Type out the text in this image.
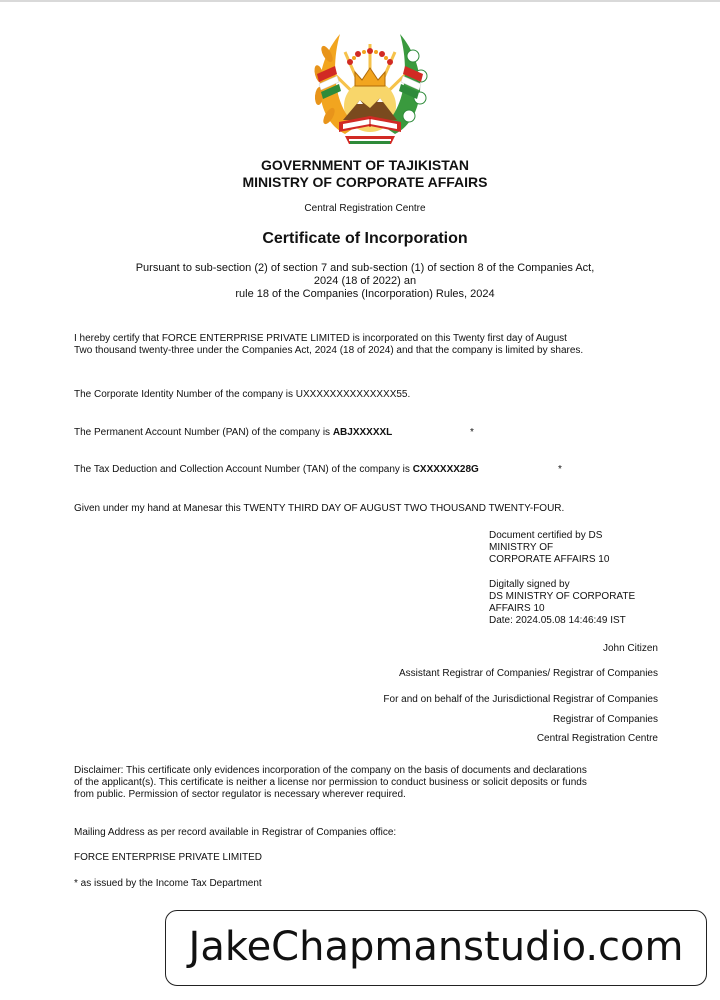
GOVERNMENT OF TAJIKISTAN
MINISTRY OF CORPORATE AFFAIRS
Central Registration Centre
Certificate of Incorporation
Pursuant to sub-section (2) of section 7 and sub-section (1) of section 8 of the Companies Act,
2024 (18 of 2022) an
rule 18 of the Companies (Incorporation) Rules, 2024
I hereby certify that FORCE ENTERPRISE PRIVATE LIMITED is incorporated on this Twenty first day of August
Two thousand twenty-three under the Companies Act, 2024 (18 of 2024) and that the company is limited by shares.
The Corporate Identity Number of the company is UXXXXXXXXXXXXXX55.
The Permanent Account Number (PAN) of the company is ABJXXXXXL	*
The Tax Deduction and Collection Account Number (TAN) of the company is CXXXXXX28G	*
Given under my hand at Manesar this TWENTY THIRD DAY OF AUGUST TWO THOUSAND TWENTY-FOUR.
Document certified by DS
MINISTRY OF
CORPORATE AFFAIRS 10
Digitally signed by
DS MINISTRY OF CORPORATE
AFFAIRS 10
Date: 2024.05.08 14:46:49 IST
John Citizen
Assistant Registrar of Companies/ Registrar of Companies
For and on behalf of the Jurisdictional Registrar of Companies
Registrar of Companies
Central Registration Centre
Disclaimer: This certificate only evidences incorporation of the company on the basis of documents and declarations
of the applicant(s). This certificate is neither a license nor permission to conduct business or solicit deposits or funds
from public. Permission of sector regulator is necessary wherever required.
Mailing Address as per record available in Registrar of Companies office:
FORCE ENTERPRISE PRIVATE LIMITED
* as issued by the Income Tax Department
JakeChapmanstudio.com
